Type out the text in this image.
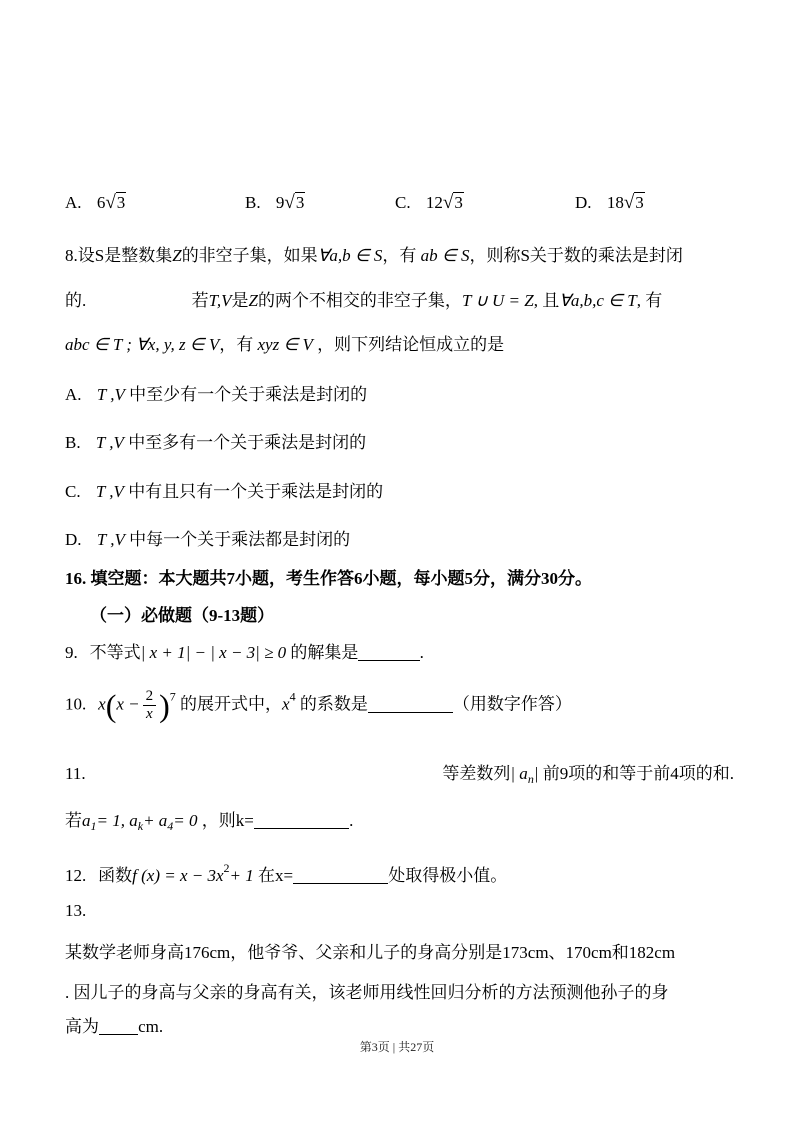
A. 6√3	B. 9√3	C. 12√3	D. 18√3
8.设S是整数集Z的非空子集，如果∀a,b ∈ S，有 ab ∈ S，则称S关于数的乘法是封闭
的.	若T,V是Z的两个不相交的非空子集，T ∪ U = Z, 且∀a,b,c ∈ T, 有
abc ∈ T ; ∀x, y, z ∈ V，有 xyz ∈ V ，则下列结论恒成立的是
A. T ,V 中至少有一个关于乘法是封闭的
B. T ,V 中至多有一个关于乘法是封闭的
C. T ,V 中有且只有一个关于乘法是封闭的
D. T ,V 中每一个关于乘法都是封闭的
16. 填空题：本大题共7小题，考生作答6小题，每小题5分，满分30分。
（一）必做题（9-13题）
9. 不等式| x + 1| − | x − 3| ≥ 0 的解集是	.
10. $x(x - \frac{2}{x} )^7$ 的展开式中，$x^4$ 的系数是	（用数字作答）
11.	等差数列| $a_n|$ 前9项的和等于前4项的和.
若$a_1= 1$, $a_k+ a_4= 0$ ，则k=	.
12. 函数f $(x) = x - 3x^2+ 1$ 在x=	处取得极小值。
13.
某数学老师身高176cm，他爷爷、父亲和儿子的身高分别是173cm、170cm和182cm
. 因儿子的身高与父亲的身高有关，该老师用线性回归分析的方法预测他孙子的身
高为 cm.
第3页 | 共27页
